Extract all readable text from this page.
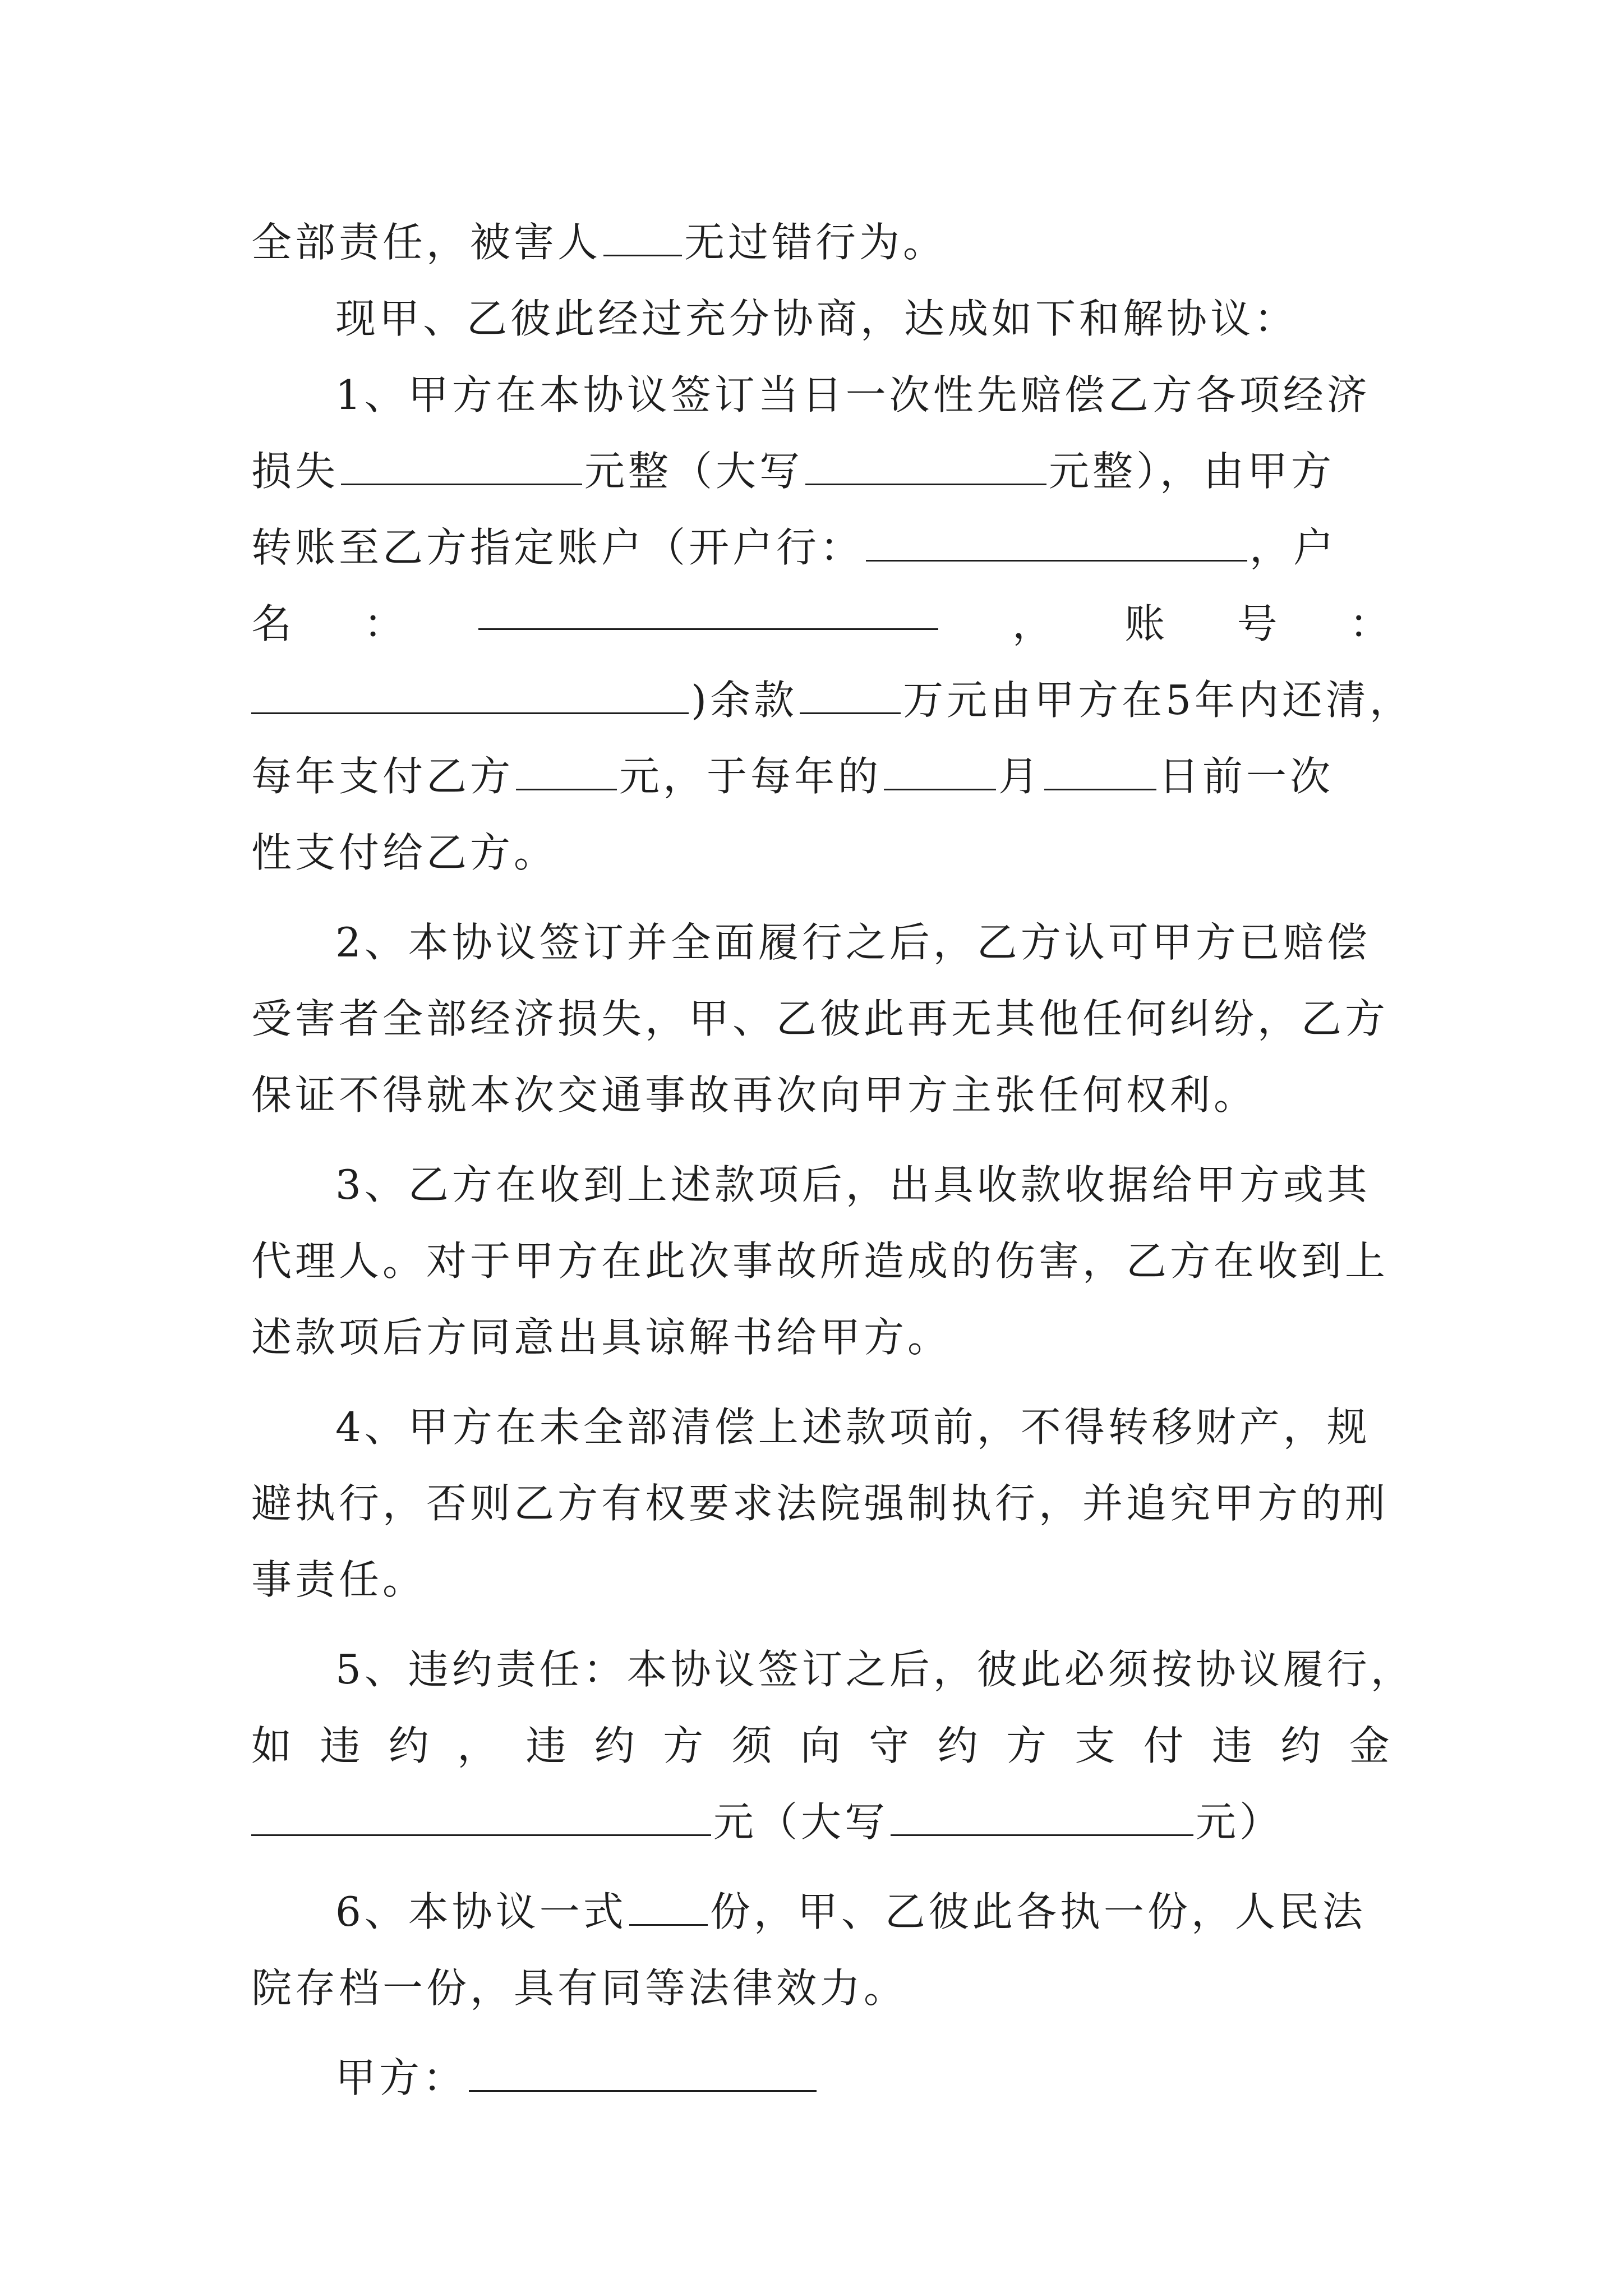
全部责任，被害人 无过错行为。
现甲、乙彼此经过充分协商，达成如下和解协议：
1、甲方在本协议签订当日一次性先赔偿乙方各项经济
损失	元整（大写	元整），由甲方
转账至乙方指定账户（开户行：	，户
名 ：	， 账 号 ：
)余款	万元由甲方在5年内还清，
每年支付乙方	元，于每年的	月	日前一次
性支付给乙方。
2、本协议签订并全面履行之后，乙方认可甲方已赔偿
受害者全部经济损失，甲、乙彼此再无其他任何纠纷，乙方
保证不得就本次交通事故再次向甲方主张任何权利。
3、乙方在收到上述款项后，出具收款收据给甲方或其
代理人。对于甲方在此次事故所造成的伤害，乙方在收到上
述款项后方同意出具谅解书给甲方。
4、甲方在未全部清偿上述款项前，不得转移财产，规
避执行，否则乙方有权要求法院强制执行，并追究甲方的刑
事责任。
5、违约责任：本协议签订之后，彼此必须按协议履行，
如 违 约 ， 违 约 方 须 向 守 约 方 支 付 违 约 金
元（大写	元）
6、本协议一式 份，甲、乙彼此各执一份，人民法
院存档一份，具有同等法律效力。
甲方：
